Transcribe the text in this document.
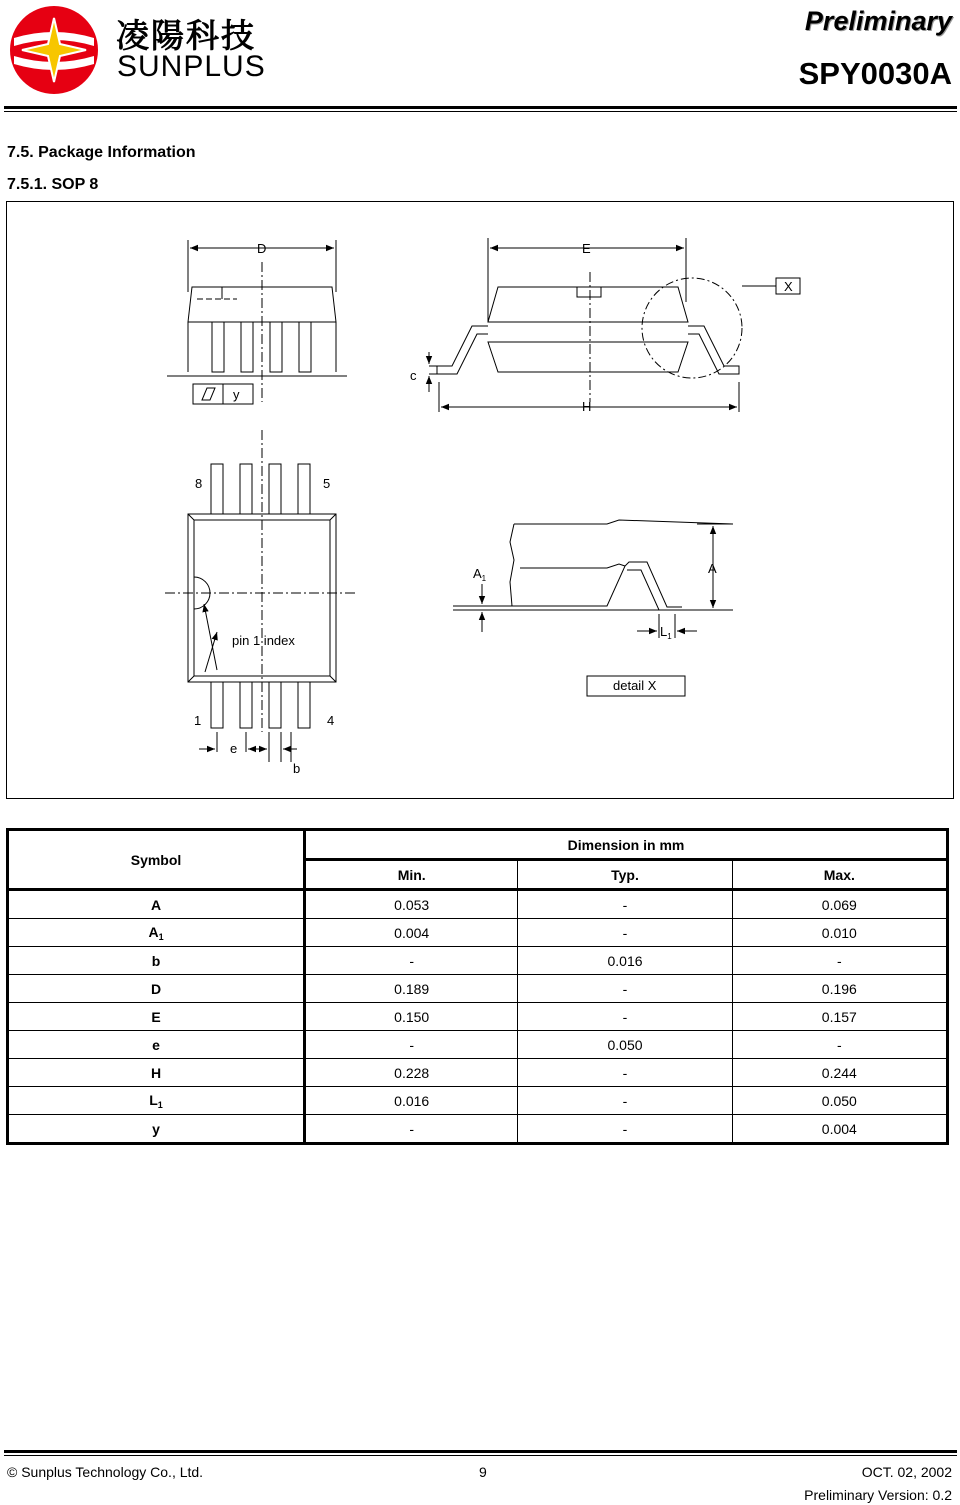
凌陽科技
SUNPLUS
Preliminary
SPY0030A
7.5. Package Information
7.5.1. SOP 8
D	E
X
c
y
H
8	5
1	4
pin 1 index
e
b
$A_1$
A
$L_1$
detail X
Symbol	Dimension in mm		
	Min.	Typ.	Max.
A	0.053	-	0.069
$A_1$	0.004	-	0.010
b	-	0.016	-
D	0.189	-	0.196
E	0.150	-	0.157
e	-	0.050	-
H	0.228	-	0.244
$L_1$	0.016	-	0.050
y	-	-	0.004
© Sunplus Technology Co., Ltd.	9	OCT. 02, 2002
Preliminary Version: 0.2
